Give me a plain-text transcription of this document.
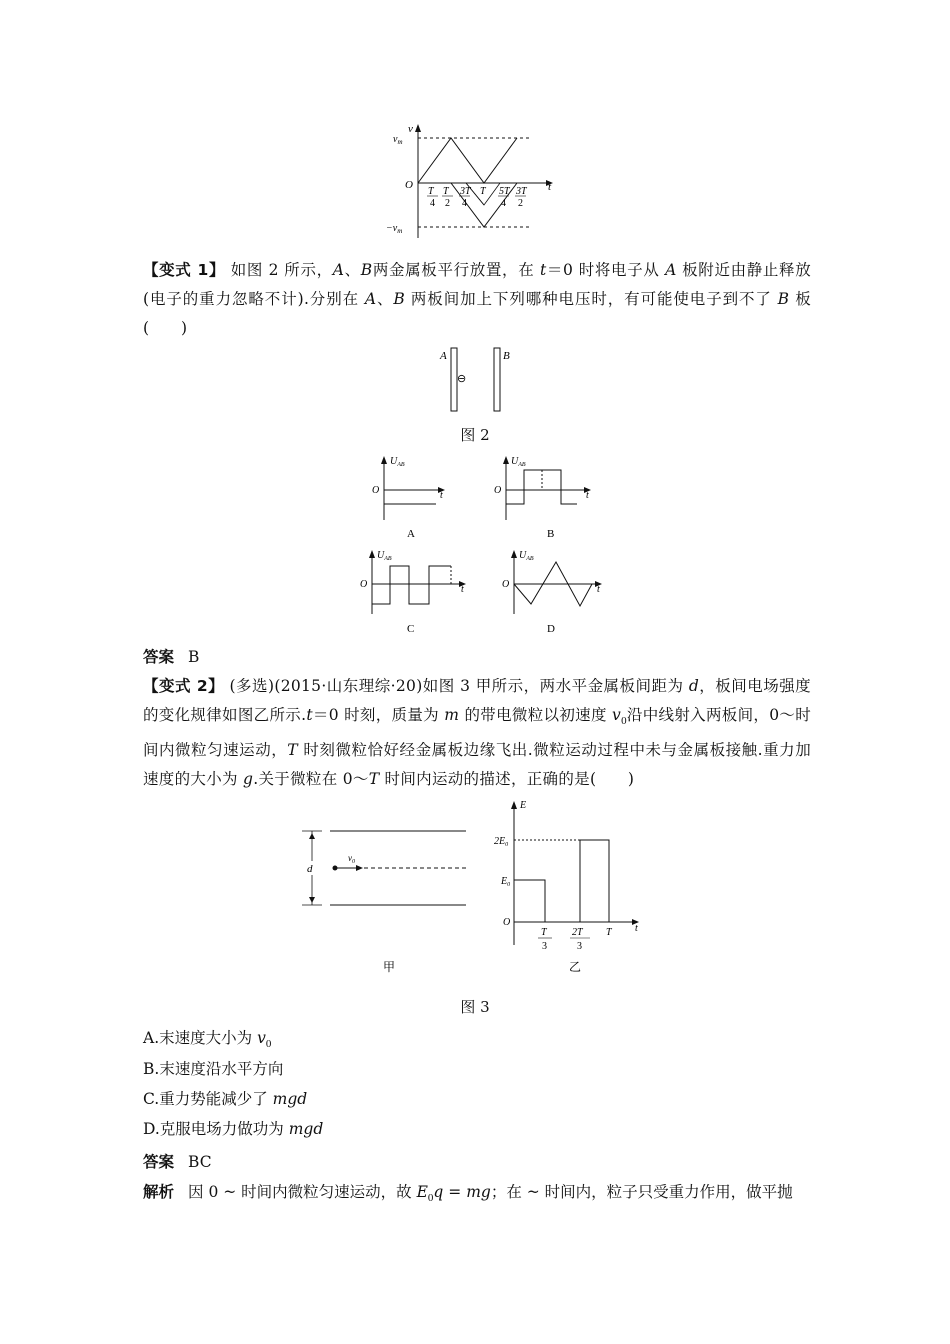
v
$v_m$
$-v_m$
O	t
T
4
T
2
3T
4
T 5T
4
3T
2
【变式 1】 如图 2 所示，A、B两金属板平行放置，在 t＝0 时将电子从 A 板附近由静止释放(电子的重力忽略不计).分别在 A、B 两板间加上下列哪种电压时，有可能使电子到不了 B 板(　　)
A	B
⊖
图 2
$U_{AB}$
O	t
A
$U_{AB}$
O	t
B
$U_{AB}$
O	t
C
$U_{AB}$
O	t
D
答案 B
【变式 2】 (多选)(2015·山东理综·20)如图 3 甲所示，两水平金属板间距为 d，板间电场强度的变化规律如图乙所示.t＝0 时刻，质量为 m 的带电微粒以初速度 $v_0$沿中线射入两板间，0～时间内微粒匀速运动，T 时刻微粒恰好经金属板边缘飞出.微粒运动过程中未与金属板接触.重力加速度的大小为 g.关于微粒在 0～T 时间内运动的描述，正确的是(　　)
d
$v_0$
甲
E
$2E_0$
$E_0$
O
t
T
3
2T
3
T
乙
图 3
A.末速度大小为 $v_0$
B.末速度沿水平方向
C.重力势能减少了 mgd
D.克服电场力做功为 mgd
答案 BC
解析 因 0 ~ 时间内微粒匀速运动，故 $E_0q$ = mg；在 ~ 时间内，粒子只受重力作用，做平抛
